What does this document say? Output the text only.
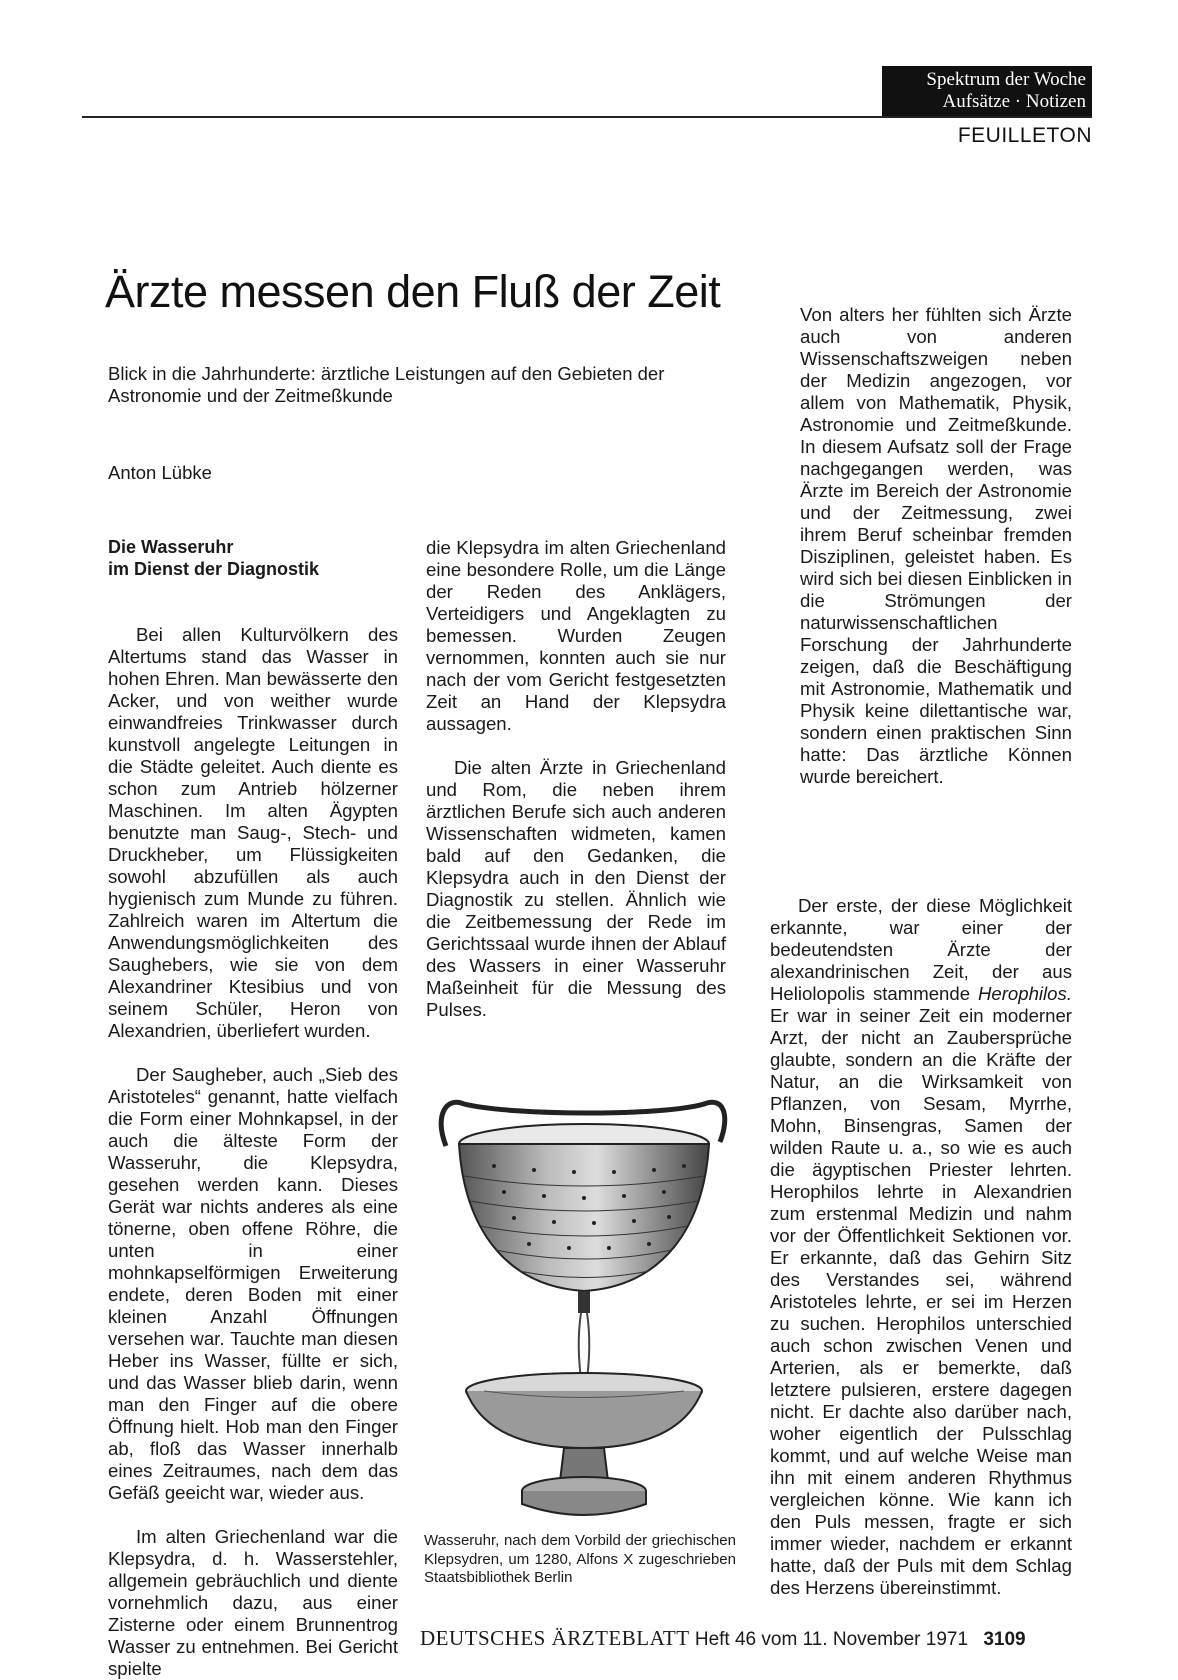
Spektrum der Woche
Aufsätze · Notizen
FEUILLETON
Ärzte messen den Fluß der Zeit
Blick in die Jahrhunderte: ärztliche Leistungen auf den Gebieten der Astronomie und der Zeitmeßkunde
Anton Lübke

Die Wasseruhr
im Dienst der Diagnostik

Bei allen Kulturvölkern des Altertums stand das Wasser in hohen Ehren. Man bewässerte den Acker, und von weither wurde einwandfreies Trinkwasser durch kunstvoll angelegte Leitungen in die Städte geleitet. Auch diente es schon zum Antrieb hölzerner Maschinen. Im alten Ägypten benutzte man Saug-, Stech- und Druckheber, um Flüssigkeiten sowohl abzufüllen als auch hygienisch zum Munde zu führen. Zahlreich waren im Altertum die Anwendungsmöglichkeiten des Saughebers, wie sie von dem Alexandriner Ktesibius und von seinem Schüler, Heron von Alexandrien, überliefert wurden.

Der Saugheber, auch „Sieb des Aristoteles“ genannt, hatte vielfach die Form einer Mohnkapsel, in der auch die älteste Form der Wasseruhr, die Klepsydra, gesehen werden kann. Dieses Gerät war nichts anderes als eine tönerne, oben offene Röhre, die unten in einer mohnkapselförmigen Erweiterung endete, deren Boden mit einer kleinen Anzahl Öffnungen versehen war. Tauchte man diesen Heber ins Wasser, füllte er sich, und das Wasser blieb darin, wenn man den Finger auf die obere Öffnung hielt. Hob man den Finger ab, floß das Wasser innerhalb eines Zeitraumes, nach dem das Gefäß geeicht war, wieder aus.

Im alten Griechenland war die Klepsydra, d. h. Wasserstehler, allgemein gebräuchlich und diente vornehmlich dazu, aus einer Zisterne oder einem Brunnentrog Wasser zu entnehmen. Bei Gericht spielte

die Klepsydra im alten Griechenland eine besondere Rolle, um die Länge der Reden des Anklägers, Verteidigers und Angeklagten zu bemessen. Wurden Zeugen vernommen, konnten auch sie nur nach der vom Gericht festgesetzten Zeit an Hand der Klepsydra aussagen.

Die alten Ärzte in Griechenland und Rom, die neben ihrem ärztlichen Berufe sich auch anderen Wissenschaften widmeten, kamen bald auf den Gedanken, die Klepsydra auch in den Dienst der Diagnostik zu stellen. Ähnlich wie die Zeitbemessung der Rede im Gerichtssaal wurde ihnen der Ablauf des Wassers in einer Wasseruhr Maßeinheit für die Messung des Pulses.

Wasseruhr, nach dem Vorbild der griechischen Klepsydren, um 1280, Alfons X zugeschrieben Staatsbibliothek Berlin

Von alters her fühlten sich Ärzte auch von anderen Wissenschaftszweigen neben der Medizin angezogen, vor allem von Mathematik, Physik, Astronomie und Zeitmeßkunde. In diesem Aufsatz soll der Frage nachgegangen werden, was Ärzte im Bereich der Astronomie und der Zeitmessung, zwei ihrem Beruf scheinbar fremden Disziplinen, geleistet haben. Es wird sich bei diesen Einblicken in die Strömungen der naturwissenschaftlichen Forschung der Jahrhunderte zeigen, daß die Beschäftigung mit Astronomie, Mathematik und Physik keine dilettantische war, sondern einen praktischen Sinn hatte: Das ärztliche Können wurde bereichert.

Der erste, der diese Möglichkeit erkannte, war einer der bedeutendsten Ärzte der alexandrinischen Zeit, der aus Heliolopolis stammende Herophilos. Er war in seiner Zeit ein moderner Arzt, der nicht an Zaubersprüche glaubte, sondern an die Kräfte der Natur, an die Wirksamkeit von Pflanzen, von Sesam, Myrrhe, Mohn, Binsengras, Samen der wilden Raute u. a., so wie es auch die ägyptischen Priester lehrten. Herophilos lehrte in Alexandrien zum erstenmal Medizin und nahm vor der Öffentlichkeit Sektionen vor. Er erkannte, daß das Gehirn Sitz des Verstandes sei, während Aristoteles lehrte, er sei im Herzen zu suchen. Herophilos unterschied auch schon zwischen Venen und Arterien, als er bemerkte, daß letztere pulsieren, erstere dagegen nicht. Er dachte also darüber nach, woher eigentlich der Pulsschlag kommt, und auf welche Weise man ihn mit einem anderen Rhythmus vergleichen könne. Wie kann ich den Puls messen, fragte er sich immer wieder, nachdem er erkannt hatte, daß der Puls mit dem Schlag des Herzens übereinstimmt.

DEUTSCHES ÄRZTEBLATT Heft 46 vom 11. November 1971 3109
